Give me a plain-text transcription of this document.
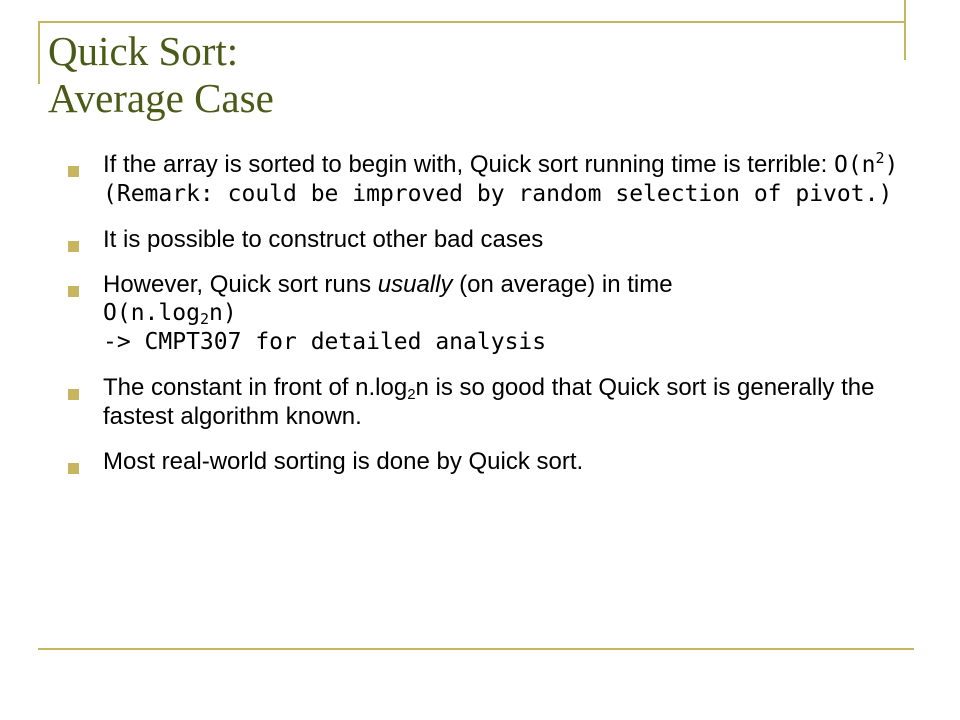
Quick Sort:
Average Case
If the array is sorted to begin with, Quick sort running time is terrible: $O(n^2)$
(Remark: could be improved by random selection of pivot.)
It is possible to construct other bad cases
However, Quick sort runs usually (on average) in time
$O(n.\log_2n)$
-> CMPT307 for detailed analysis
The constant in front of $n.\log_2n$ is so good that Quick sort is generally the fastest algorithm known.
Most real-world sorting is done by Quick sort.
